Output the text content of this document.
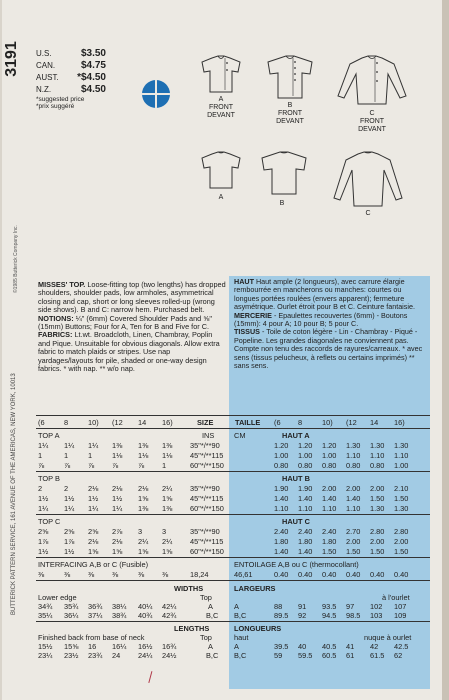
3191
©1985 Butterick Company Inc.
BUTTERICK PATTERN SERVICE, 161 AVENUE OF THE AMERICAS, NEW YORK, 10013
U.S.	$3.50
CAN.	$4.75
AUST. *$4.50
N.Z.	$4.50
*suggested price
*prix suggéré
A
FRONT
DEVANT
B
FRONT
DEVANT
C
FRONT
DEVANT
A
B
C
MISSES' TOP. Loose-fitting top (two lengths) has dropped shoulders, shoulder pads, low armholes, asymmetrical closing and cap, short or long sleeves rolled-up (wrong side shows). B and C: narrow hem. Purchased belt.
NOTIONS: ¼" (6mm) Covered Shoulder Pads and ⅝" (15mm) Buttons; Four for A, Ten for B and Five for C.
FABRICS: Lt.wt. Broadcloth, Linen, Chambray, Poplin and Pique. Unsuitable for obvious diagonals. Allow extra fabric to match plaids or stripes. Use nap yardages/layouts for pile, shaded or one-way design fabrics. * with nap. ** w/o nap.
HAUT Haut ample (2 longueurs), avec carrure élargie rembourrée en mancherons ou manches: courtes ou longues portées roulées (envers apparent); fermeture asymétrique. Ourlet étroit pour B et C. Ceinture fantaisie.
MERCERIE - Epaulettes recouvertes (6mm) - Boutons (15mm): 4 pour A; 10 pour B; 5 pour C.
TISSUS - Toile de coton légère - Lin - Chambray - Piqué - Popeline. Les grandes diagonales ne conviennent pas. Compte non tenu des raccords de rayures/carreaux. * avec sens (tissus pelucheux, à reflets ou certains imprimés) ** sans sens.
(6	8	10) (12 14 16)	SIZE	TAILLE (6 8	10) (12 14 16)
TOP A	INS	CM	HAUT A
1¼ 1¼ 1¼ 1⅜ 1⅜ 1⅜ 35"*/**90	1.20 1.20 1.20 1.30 1.30 1.30
1	1	1	1⅛ 1⅛ 1⅛ 45"*/**115	1.00 1.00 1.00 1.10 1.10 1.10
⅞	⅞ ⅞ ⅞	⅞ 1	60"*/**150	0.80 0.80 0.80 0.80 0.80 1.00
TOP B	HAUT B
2	2	2⅛ 2⅛ 2⅛ 2¼ 35"*/**90	1.90 1.90 2.00 2.00 2.00 2.10
1½ 1½ 1½ 1½ 1⅝ 1⅝ 45"*/**115	1.40 1.40 1.40 1.40 1.50 1.50
1¼ 1¼ 1¼ 1¼ 1⅜ 1⅜ 60"*/**150	1.10 1.10 1.10 1.10 1.30 1.30
TOP C	HAUT C
2⅝ 2⅝ 2⅝ 2⅞ 3	3	35"*/**90	2.40 2.40 2.40 2.70 2.80 2.80
1⅞ 1⅞ 2⅛ 2⅛ 2¼ 2¼ 45"*/**115	1.80 1.80 1.80 2.00 2.00 2.00
1½ 1½ 1⅝ 1⅝ 1⅝ 1⅝ 60"*/**150	1.40 1.40 1.50 1.50 1.50 1.50
INTERFACING A,B or C (Fusible)	ENTOILAGE A,B ou C (thermocollant)
⅜	⅜ ⅜ ⅜	⅜ ⅜	18,24	46,61	0.40 0.40 0.40 0.40 0.40 0.40
WIDTHS	LARGEURS
Lower edge	Top	à l'ourlet
34¾ 35¾ 36¾ 38¼ 40¼ 42¼	A	A	88 91 93.5 97 102 107
35¼ 36¼ 37¼ 38¾ 40¾ 42¾	B,C B,C	89.5 92 94.5 98.5 103 109
LENGTHS	LONGUEURS
Finished back from base of neck	Top	haut	nuque à ourlet
15½ 15⅝ 16 16¼ 16½ 16¾	A	A	39.5 40 40.5 41 42 42.5
23¼ 23½ 23¾ 24 24¼ 24½	B,C B,C	59 59.5 60.5 61 61.5 62
